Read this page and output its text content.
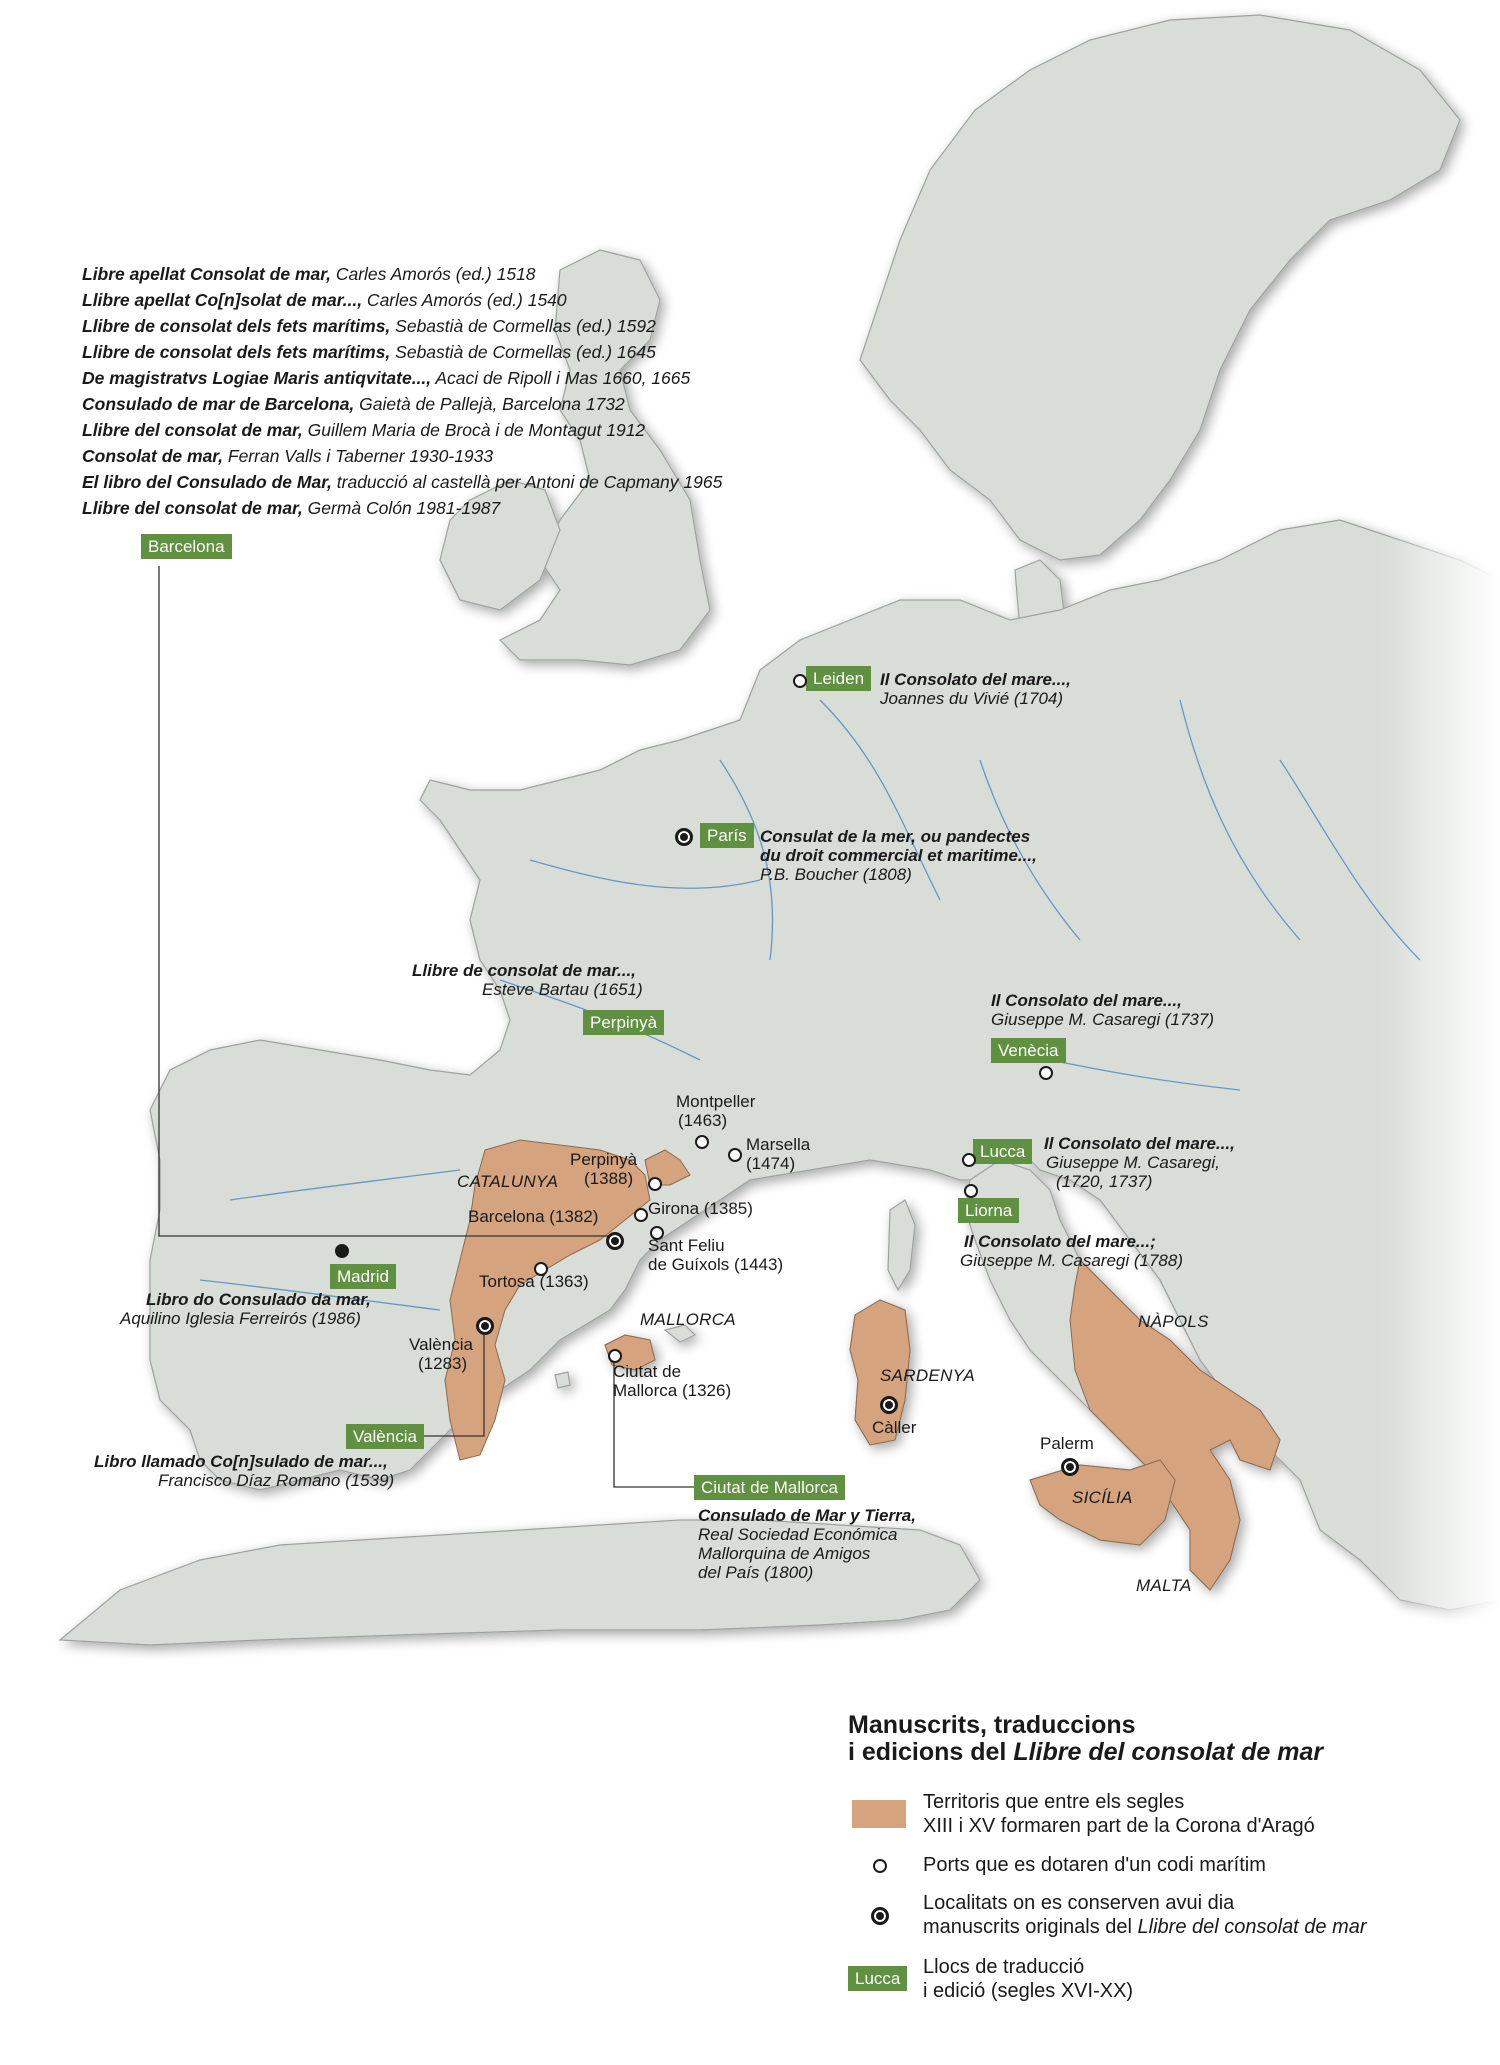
Libre apellat Consolat de mar, Carles Amorós (ed.) 1518
Llibre apellat Co[n]solat de mar..., Carles Amorós (ed.) 1540
Llibre de consolat dels fets marítims, Sebastià de Cormellas (ed.) 1592
Llibre de consolat dels fets marítims, Sebastià de Cormellas (ed.) 1645
De magistratvs Logiae Maris antiqvitate..., Acaci de Ripoll i Mas 1660, 1665
Consulado de mar de Barcelona, Gaietà de Pallejà, Barcelona 1732
Llibre del consolat de mar, Guillem Maria de Brocà i de Montagut 1912
Consolat de mar, Ferran Valls i Taberner 1930-1933
El libro del Consulado de Mar, traducció al castellà per Antoni de Capmany 1965
Llibre del consolat de mar, Germà Colón 1981-1987
Barcelona
Leiden
París
Perpinyà
Venècia
Lucca
Liorna
Madrid
València
Ciutat de Mallorca
Il Consolato del mare...,
Joannes du Vivié (1704)
Consulat de la mer, ou pandectes
du droit commercial et maritime...,
P.B. Boucher (1808)
Llibre de consolat de mar...,
Esteve Bartau (1651)
Il Consolato del mare...,
Giuseppe M. Casaregi (1737)
Il Consolato del mare...,
Giuseppe M. Casaregi,
(1720, 1737)
Il Consolato del mare...;
Giuseppe M. Casaregi (1788)
Libro do Consulado da mar,
Aquilino Iglesia Ferreirós (1986)
Libro llamado Co[n]sulado de mar...,
Francisco Díaz Romano (1539)
Consulado de Mar y Tierra,
Real Sociedad Económica
Mallorquina de Amigos
del País (1800)
Montpeller
(1463)
Marsella
(1474)
Perpinyà
(1388)
Girona (1385)
Barcelona (1382)
Sant Feliu
de Guíxols (1443)
Tortosa (1363)
València
(1283)	Ciutat de
Mallorca (1326)
Càller
Palerm
CATALUNYA
MALLORCA
SARDENYA
NÀPOLS
SICÍLIA
MALTA
Manuscrits, traduccions
i edicions del Llibre del consolat de mar
Territoris que entre els segles
XIII i XV formaren part de la Corona d'Aragó
Ports que es dotaren d'un codi marítim
Localitats on es conserven avui dia
manuscrits originals del Llibre del consolat de mar
Lucca
Llocs de traducció
i edició (segles XVI-XX)
